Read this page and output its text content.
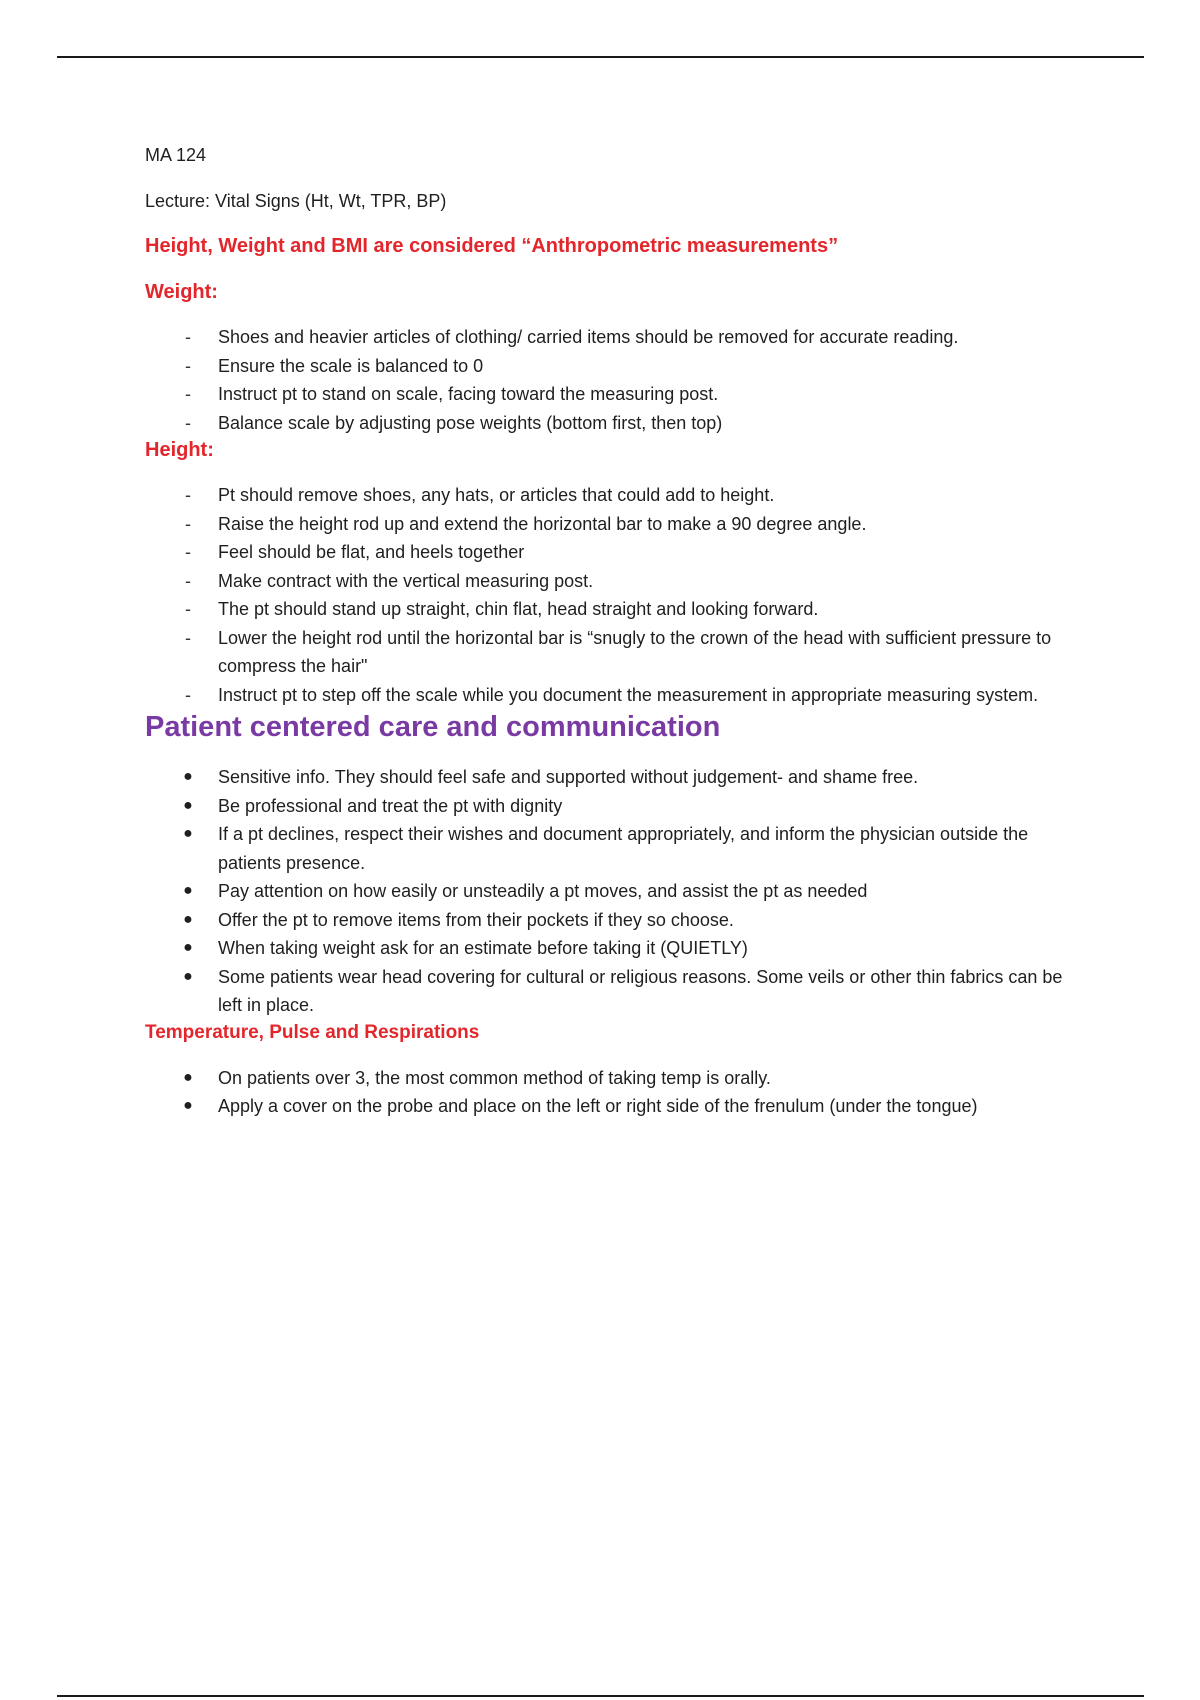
MA 124

Lecture: Vital Signs (Ht, Wt, TPR, BP)

Height, Weight and BMI are considered “Anthropometric measurements”

Weight:

- Shoes and heavier articles of clothing/ carried items should be removed for accurate reading.
- Ensure the scale is balanced to 0
- Instruct pt to stand on scale, facing toward the measuring post.
- Balance scale by adjusting pose weights (bottom first, then top)

Height:

- Pt should remove shoes, any hats, or articles that could add to height.
- Raise the height rod up and extend the horizontal bar to make a 90 degree angle.
- Feel should be flat, and heels together
- Make contract with the vertical measuring post.
- The pt should stand up straight, chin flat, head straight and looking forward.
- Lower the height rod until the horizontal bar is “snugly to the crown of the head with sufficient pressure to compress the hair"
- Instruct pt to step off the scale while you document the measurement in appropriate measuring system.

Patient centered care and communication

● Sensitive info. They should feel safe and supported without judgement- and shame free.
● Be professional and treat the pt with dignity
● If a pt declines, respect their wishes and document appropriately, and inform the physician outside the patients presence.
● Pay attention on how easily or unsteadily a pt moves, and assist the pt as needed
● Offer the pt to remove items from their pockets if they so choose.
● When taking weight ask for an estimate before taking it (QUIETLY)
● Some patients wear head covering for cultural or religious reasons. Some veils or other thin fabrics can be left in place.

Temperature, Pulse and Respirations

● On patients over 3, the most common method of taking temp is orally.
● Apply a cover on the probe and place on the left or right side of the frenulum (under the tongue)
